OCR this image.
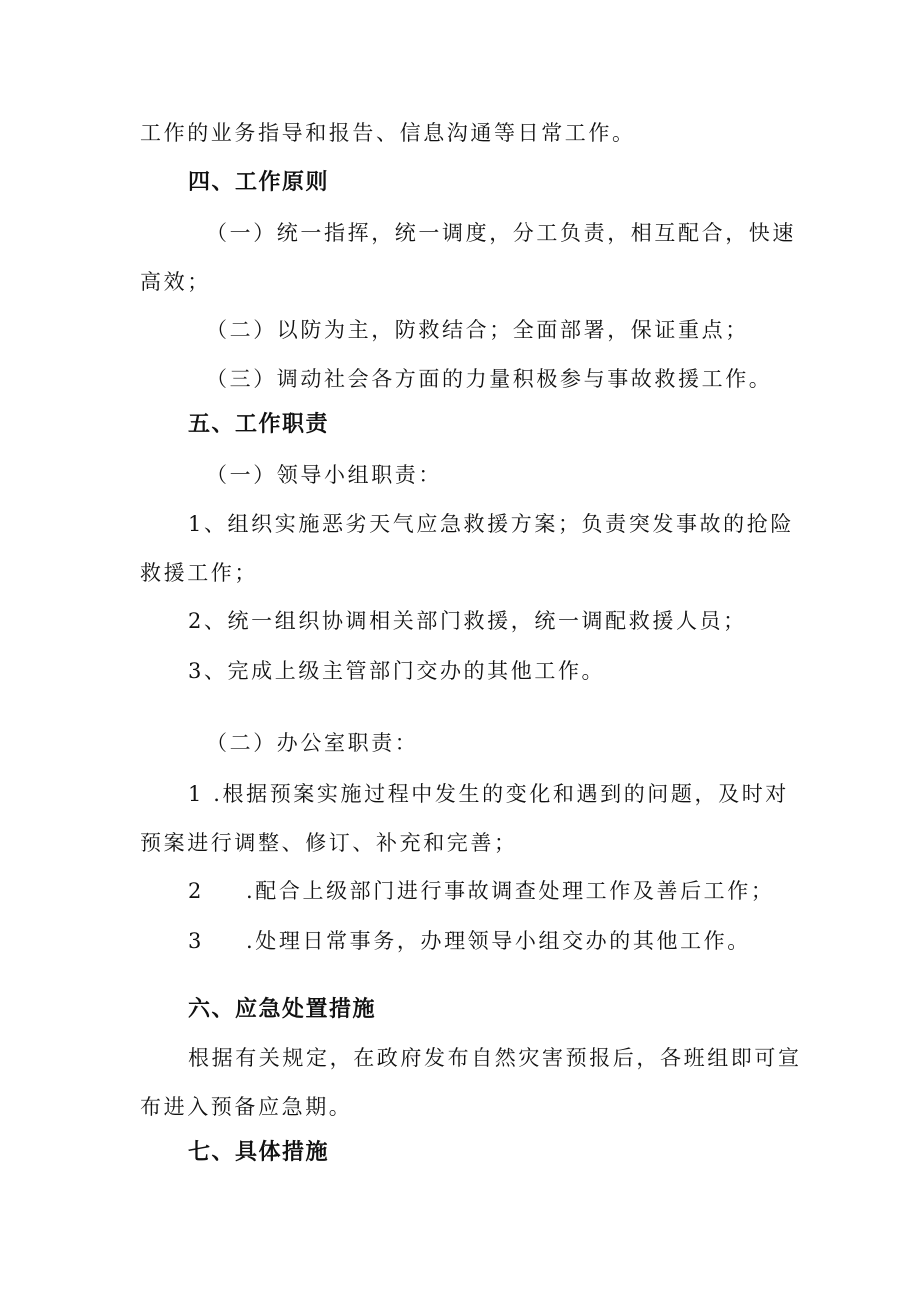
工作的业务指导和报告、信息沟通等日常工作。
四、工作原则
（一）统一指挥，统一调度，分工负责，相互配合，快速
高效；
（二）以防为主，防救结合；全面部署，保证重点；
（三）调动社会各方面的力量积极参与事故救援工作。
五、工作职责
（一）领导小组职责：
1、组织实施恶劣天气应急救援方案；负责突发事故的抢险
救援工作；
2、统一组织协调相关部门救援，统一调配救援人员；
3、完成上级主管部门交办的其他工作。
（二）办公室职责：
1 .根据预案实施过程中发生的变化和遇到的问题，及时对
预案进行调整、修订、补充和完善；
2	.配合上级部门进行事故调查处理工作及善后工作；
3	.处理日常事务，办理领导小组交办的其他工作。
六、应急处置措施
根据有关规定，在政府发布自然灾害预报后，各班组即可宣
布进入预备应急期。
七、具体措施
